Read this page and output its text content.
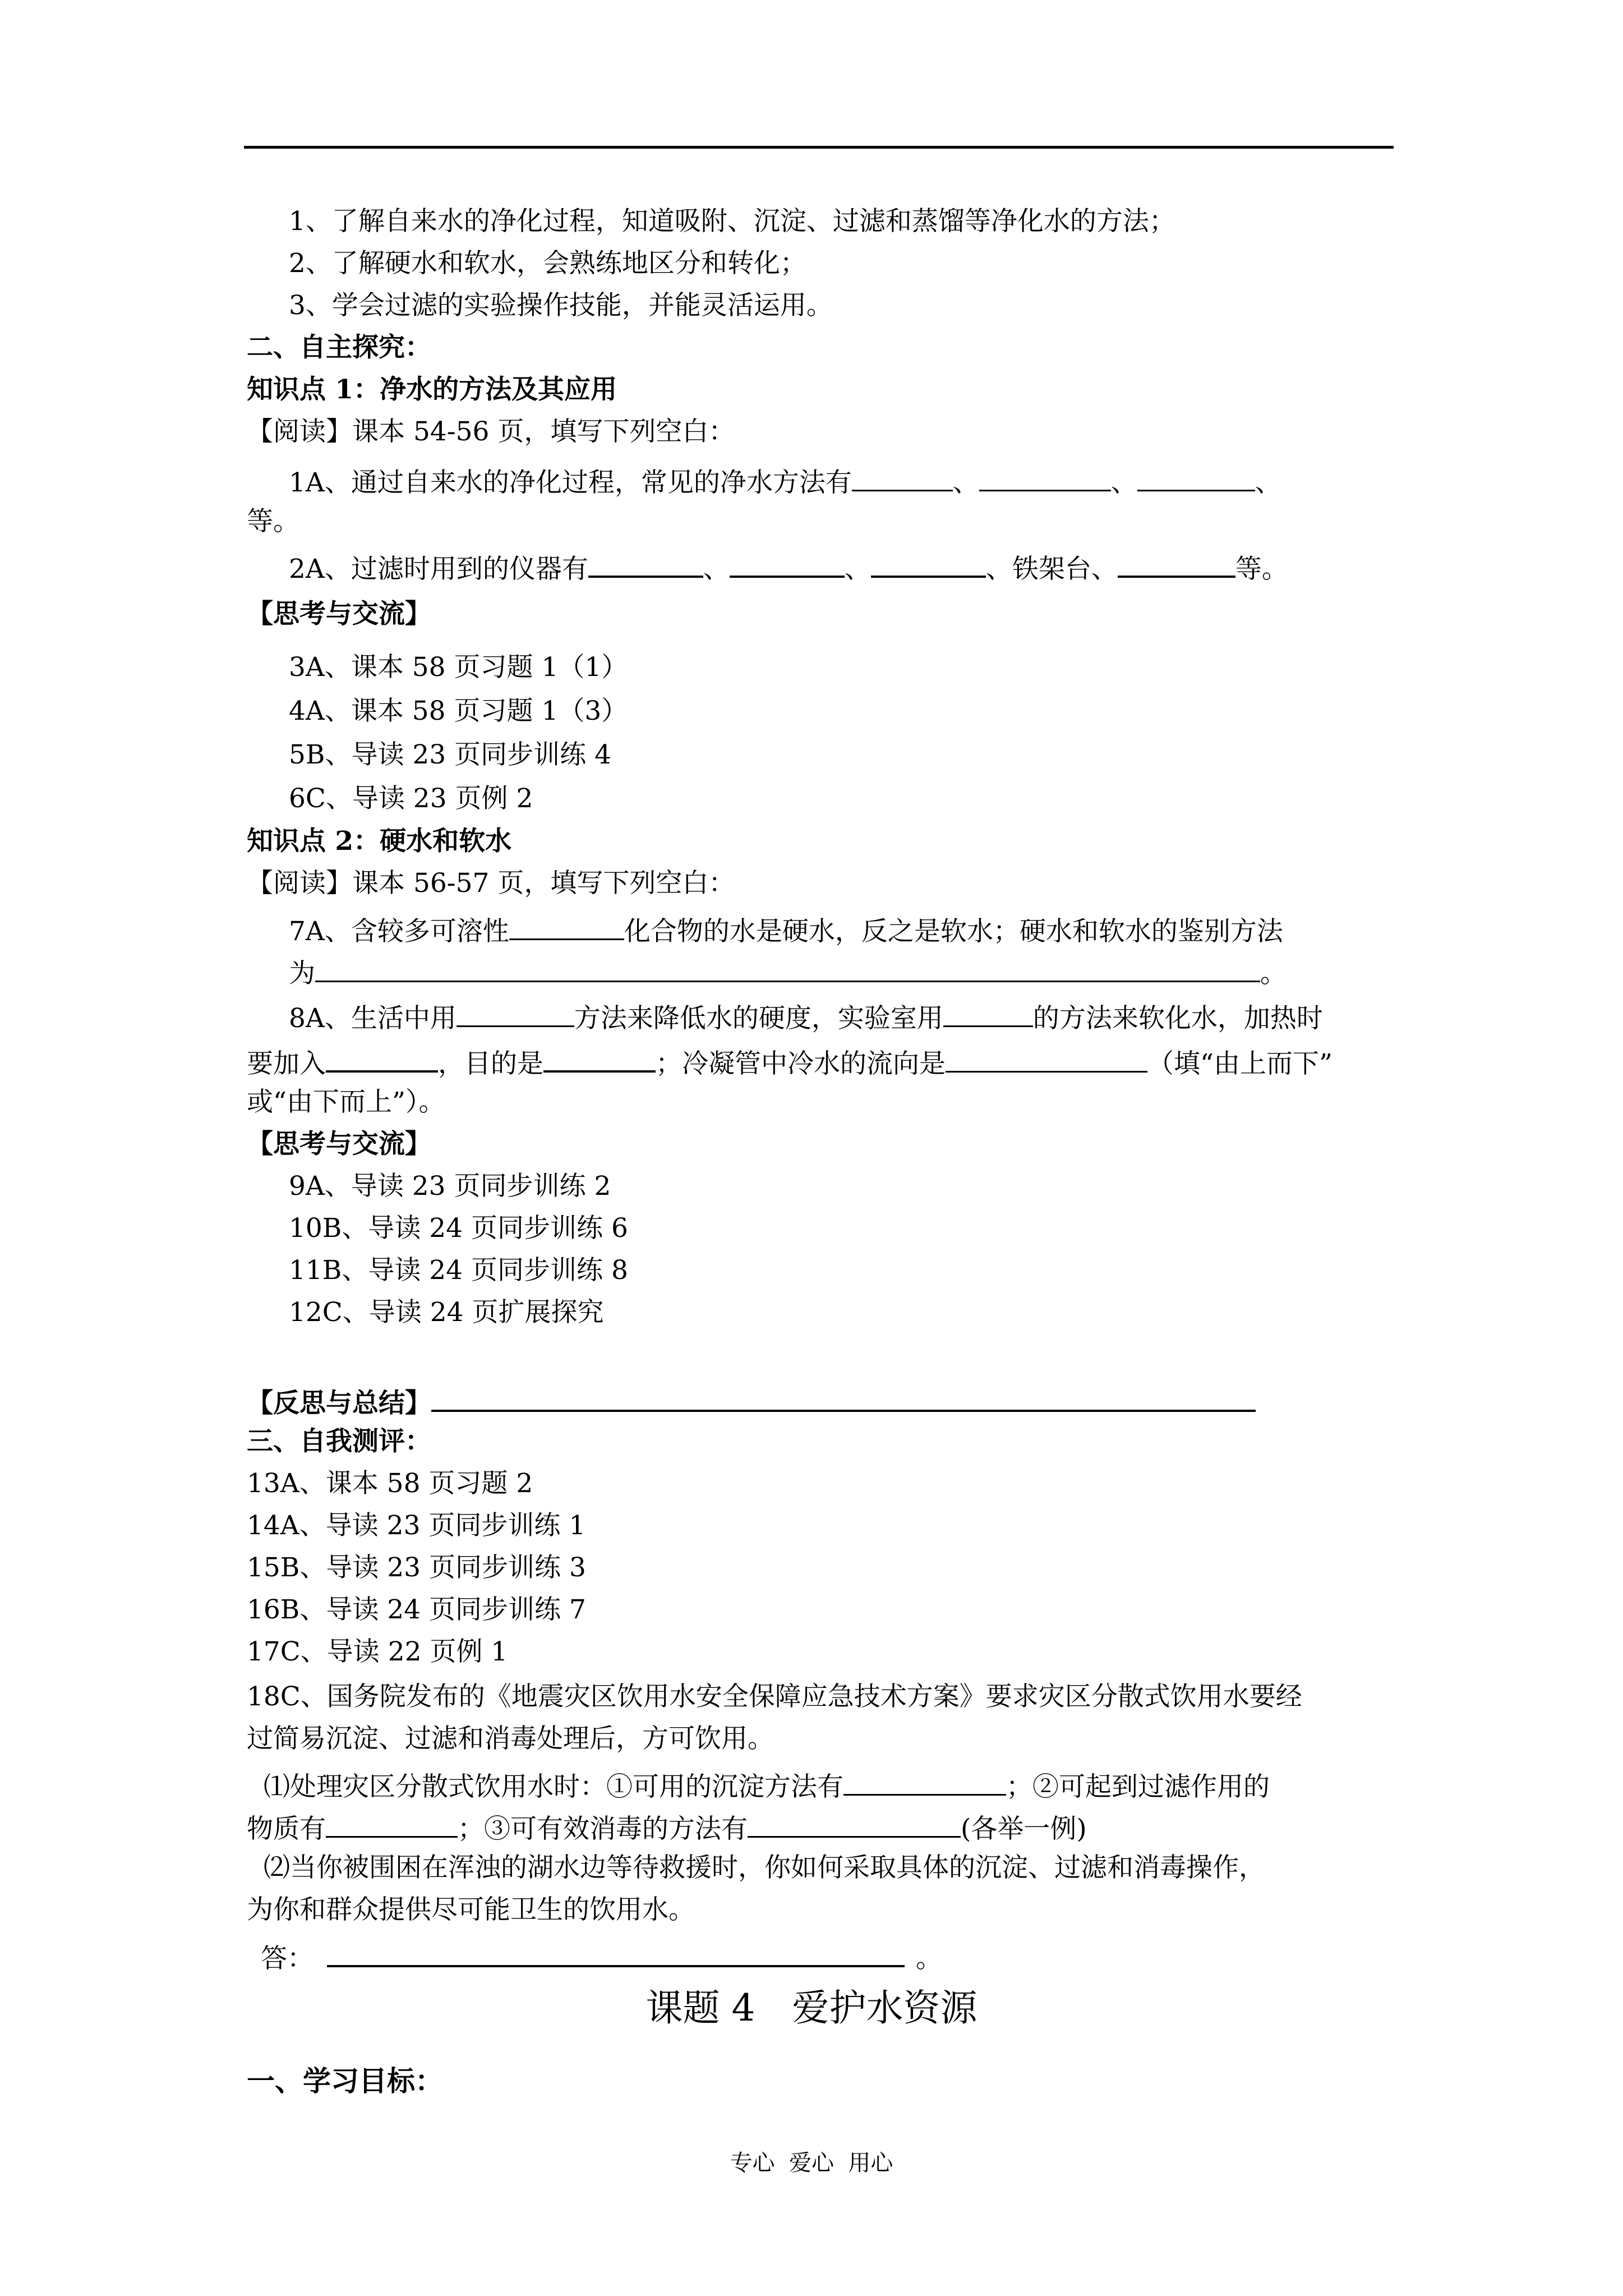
1、了解自来水的净化过程，知道吸附、沉淀、过滤和蒸馏等净化水的方法；
2、了解硬水和软水，会熟练地区分和转化；
3、学会过滤的实验操作技能，并能灵活运用。
二、自主探究：
知识点 1：净水的方法及其应用
【阅读】课本 54-56 页，填写下列空白：
1A、通过自来水的净化过程，常见的净水方法有	、	、	、
等。
2A、过滤时用到的仪器有	、	、	、铁架台、	等。
【思考与交流】
3A、课本 58 页习题 1（1）
4A、课本 58 页习题 1（3）
5B、导读 23 页同步训练 4
6C、导读 23 页例 2
知识点 2：硬水和软水
【阅读】课本 56-57 页，填写下列空白：
7A、含较多可溶性	化合物的水是硬水，反之是软水；硬水和软水的鉴别方法
为	。
8A、生活中用	方法来降低水的硬度，实验室用	的方法来软化水，加热时
要加入	，目的是	；冷凝管中冷水的流向是	（填“由上而下”
或“由下而上”）。
【思考与交流】
9A、导读 23 页同步训练 2
10B、导读 24 页同步训练 6
11B、导读 24 页同步训练 8
12C、导读 24 页扩展探究
【反思与总结】
三、自我测评：
13A、课本 58 页习题 2
14A、导读 23 页同步训练 1
15B、导读 23 页同步训练 3
16B、导读 24 页同步训练 7
17C、导读 22 页例 1
18C、国务院发布的《地震灾区饮用水安全保障应急技术方案》要求灾区分散式饮用水要经
过简易沉淀、过滤和消毒处理后，方可饮用。
⑴处理灾区分散式饮用水时：①可用的沉淀方法有	；②可起到过滤作用的
物质有	；③可有效消毒的方法有	(各举一例)
⑵当你被围困在浑浊的湖水边等待救援时，你如何采取具体的沉淀、过滤和消毒操作，
为你和群众提供尽可能卫生的饮用水。
答：	。
课题 4　爱护水资源
一、学习目标：
专心  爱心  用心
